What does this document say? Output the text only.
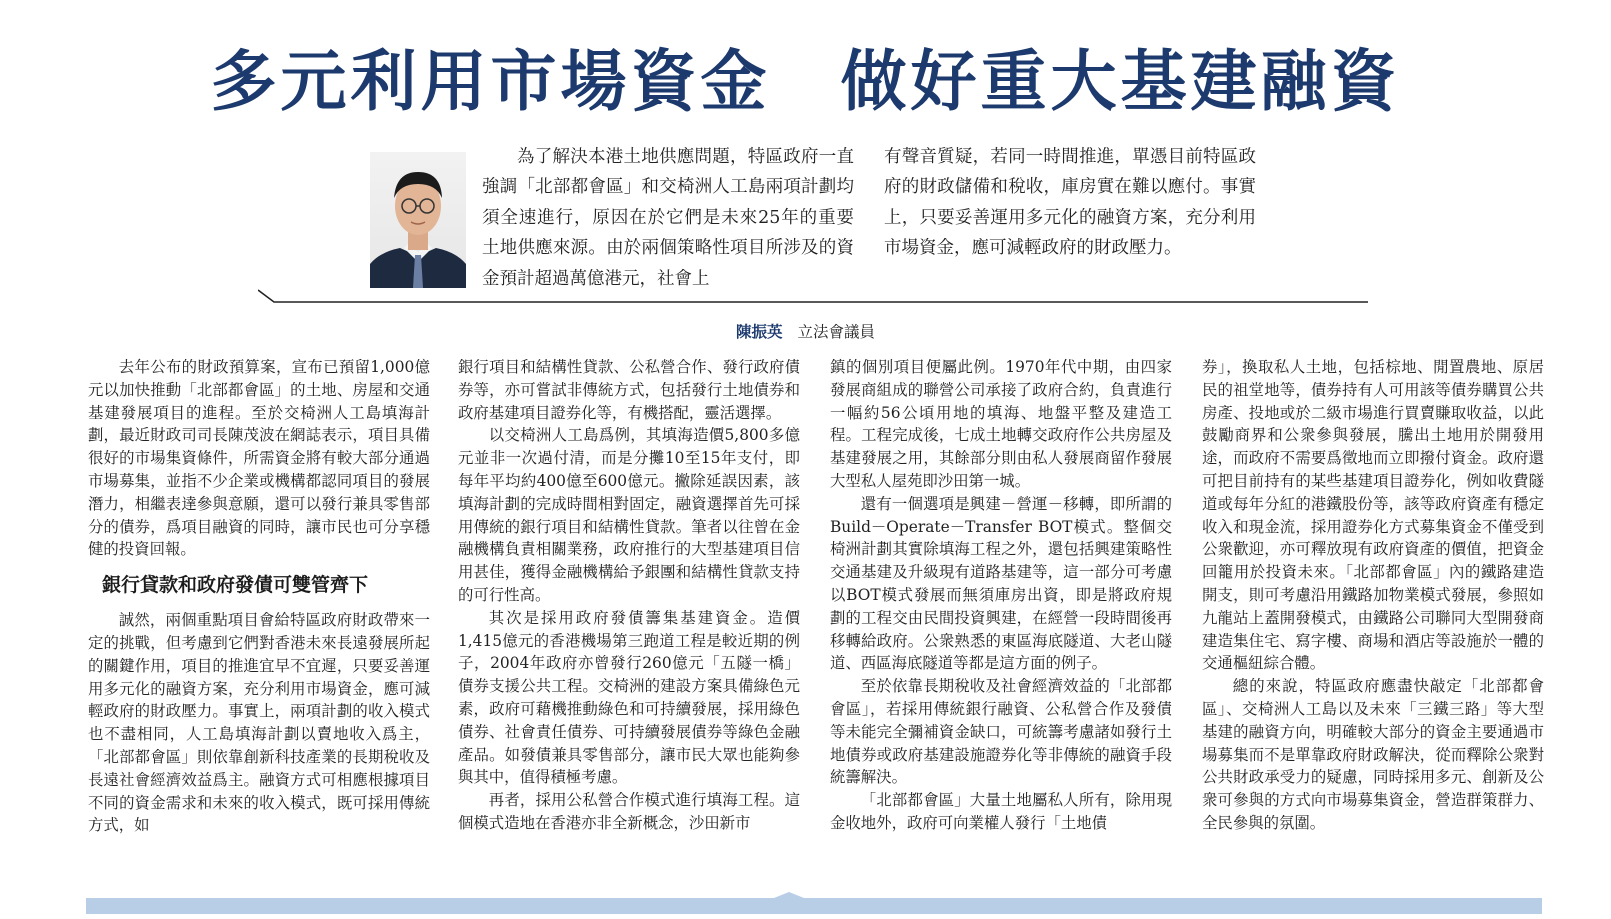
多元利用市場資金　做好重大基建融資

為了解決本港土地供應問題，特區政府一直強調「北部都會區」和交椅洲人工島兩項計劃均須全速進行，原因在於它們是未來25年的重要土地供應來源。由於兩個策略性項目所涉及的資金預計超過萬億港元，社會上

有聲音質疑，若同一時間推進，單憑目前特區政府的財政儲備和稅收，庫房實在難以應付。事實上，只要妥善運用多元化的融資方案，充分利用市場資金，應可減輕政府的財政壓力。

陳振英 立法會議員

去年公布的財政預算案，宣布已預留1,000億元以加快推動「北部都會區」的土地、房屋和交通基建發展項目的進程。至於交椅洲人工島填海計劃，最近財政司司長陳茂波在網誌表示，項目具備很好的市場集資條件，所需資金將有較大部分通過市場募集，並指不少企業或機構都認同項目的發展潛力，相繼表達參與意願，還可以發行兼具零售部分的債券，爲項目融資的同時，讓市民也可分享穩健的投資回報。

銀行貸款和政府發債可雙管齊下

誠然，兩個重點項目會給特區政府財政帶來一定的挑戰，但考慮到它們對香港未來長遠發展所起的關鍵作用，項目的推進宜早不宜遲，只要妥善運用多元化的融資方案，充分利用市場資金，應可減輕政府的財政壓力。事實上，兩項計劃的收入模式也不盡相同，人工島填海計劃以賣地收入爲主，「北部都會區」則依靠創新科技產業的長期稅收及長遠社會經濟效益爲主。融資方式可相應根據項目不同的資金需求和未來的收入模式，既可採用傳統方式，如

銀行項目和結構性貸款、公私營合作、發行政府債券等，亦可嘗試非傳統方式，包括發行土地債券和政府基建項目證券化等，有機搭配，靈活選擇。

以交椅洲人工島爲例，其填海造價5,800多億元並非一次過付清，而是分攤10至15年支付，即每年平均約400億至600億元。撇除延誤因素，該填海計劃的完成時間相對固定，融資選擇首先可採用傳統的銀行項目和結構性貸款。筆者以往曾在金融機構負責相關業務，政府推行的大型基建項目信用甚佳，獲得金融機構給予銀團和結構性貸款支持的可行性高。

其次是採用政府發債籌集基建資金。造價1,415億元的香港機場第三跑道工程是較近期的例子，2004年政府亦曾發行260億元「五隧一橋」債券支援公共工程。交椅洲的建設方案具備綠色元素，政府可藉機推動綠色和可持續發展，採用綠色債券、社會責任債券、可持續發展債券等綠色金融產品。如發債兼具零售部分，讓市民大眾也能夠參與其中，值得積極考慮。

再者，採用公私營合作模式進行填海工程。這個模式造地在香港亦非全新概念，沙田新市

鎮的個別項目便屬此例。1970年代中期，由四家發展商組成的聯營公司承接了政府合約，負責進行一幅約56公頃用地的填海、地盤平整及建造工程。工程完成後，七成土地轉交政府作公共房屋及基建發展之用，其餘部分則由私人發展商留作發展大型私人屋苑即沙田第一城。

還有一個選項是興建－營運－移轉，即所謂的Build－Operate－Transfer BOT模式。整個交椅洲計劃其實除填海工程之外，還包括興建策略性交通基建及升級現有道路基建等，這一部分可考慮以BOT模式發展而無須庫房出資，即是將政府規劃的工程交由民間投資興建，在經營一段時間後再移轉給政府。公衆熟悉的東區海底隧道、大老山隧道、西區海底隧道等都是這方面的例子。

至於依靠長期稅收及社會經濟效益的「北部都會區」，若採用傳統銀行融資、公私營合作及發債等未能完全彌補資金缺口，可統籌考慮諸如發行土地債券或政府基建設施證券化等非傳統的融資手段統籌解決。

「北部都會區」大量土地屬私人所有，除用現金收地外，政府可向業權人發行「土地債

券」，換取私人土地，包括棕地、閒置農地、原居民的祖堂地等，債券持有人可用該等債券購買公共房產、投地或於二級市場進行買賣賺取收益，以此鼓勵商界和公衆參與發展，騰出土地用於開發用途，而政府不需要爲徵地而立即撥付資金。政府還可把目前持有的某些基建項目證券化，例如收費隧道或每年分紅的港鐵股份等，該等政府資產有穩定收入和現金流，採用證券化方式募集資金不僅受到公衆歡迎，亦可釋放現有政府資產的價值，把資金回籠用於投資未來。「北部都會區」內的鐵路建造開支，則可考慮沿用鐵路加物業模式發展，參照如九龍站上蓋開發模式，由鐵路公司聯同大型開發商建造集住宅、寫字樓、商場和酒店等設施於一體的交通樞紐綜合體。

總的來說，特區政府應盡快敲定「北部都會區」、交椅洲人工島以及未來「三鐵三路」等大型基建的融資方向，明確較大部分的資金主要通過市場募集而不是單靠政府財政解決，從而釋除公衆對公共財政承受力的疑慮，同時採用多元、創新及公衆可參與的方式向市場募集資金，營造群策群力、全民參與的氛圍。
